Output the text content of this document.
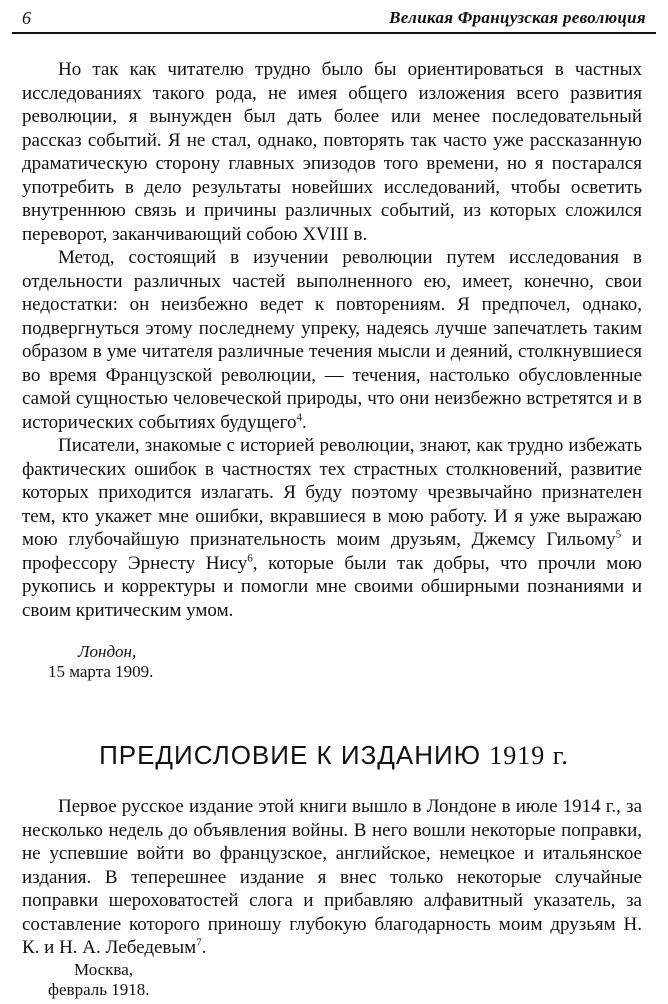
6	Великая Французская революция

Но так как читателю трудно было бы ориентироваться в частных исследованиях такого рода, не имея общего изложения всего развития революции, я вынужден был дать более или менее последовательный рассказ событий. Я не стал, однако, повторять так часто уже рассказанную драматическую сторону главных эпизодов того времени, но я постарался употребить в дело результаты новейших исследований, чтобы осветить внутреннюю связь и причины различных событий, из которых сложился переворот, заканчивающий собою XVIII в.

Метод, состоящий в изучении революции путем исследования в отдельности различных частей выполненного ею, имеет, конечно, свои недостатки: он неизбежно ведет к повторениям. Я предпочел, однако, подвергнуться этому последнему упреку, надеясь лучше запечатлеть таким образом в уме читателя различные течения мысли и деяний, столкнувшиеся во время Французской революции, — течения, настолько обусловленные самой сущностью человеческой природы, что они неизбежно встретятся и в исторических событиях будущего$^4$.

Писатели, знакомые с историей революции, знают, как трудно избежать фактических ошибок в частностях тех страстных столкновений, развитие которых приходится излагать. Я буду поэтому чрезвычайно признателен тем, кто укажет мне ошибки, вкравшиеся в мою работу. И я уже выражаю мою глубочайшую признательность моим друзьям, Джемсу Гильому$^5$ и профессору Эрнесту Нису$^6$, которые были так добры, что прочли мою рукопись и корректуры и помогли мне своими обширными познаниями и своим критическим умом.

Лондон,
15 марта 1909.
ПРЕДИСЛОВИЕ К ИЗДАНИЮ 1919 г.

Первое русское издание этой книги вышло в Лондоне в июле 1914 г., за несколько недель до объявления войны. В него вошли некоторые поправки, не успевшие войти во французское, английское, немецкое и итальянское издания. В теперешнее издание я внес только некоторые случайные поправки шероховатостей слога и прибавляю алфавитный указатель, за составление которого приношу глубокую благодарность моим друзьям Н. К. и Н. А. Лебедевым$^7$.

Москва,
февраль 1918.
